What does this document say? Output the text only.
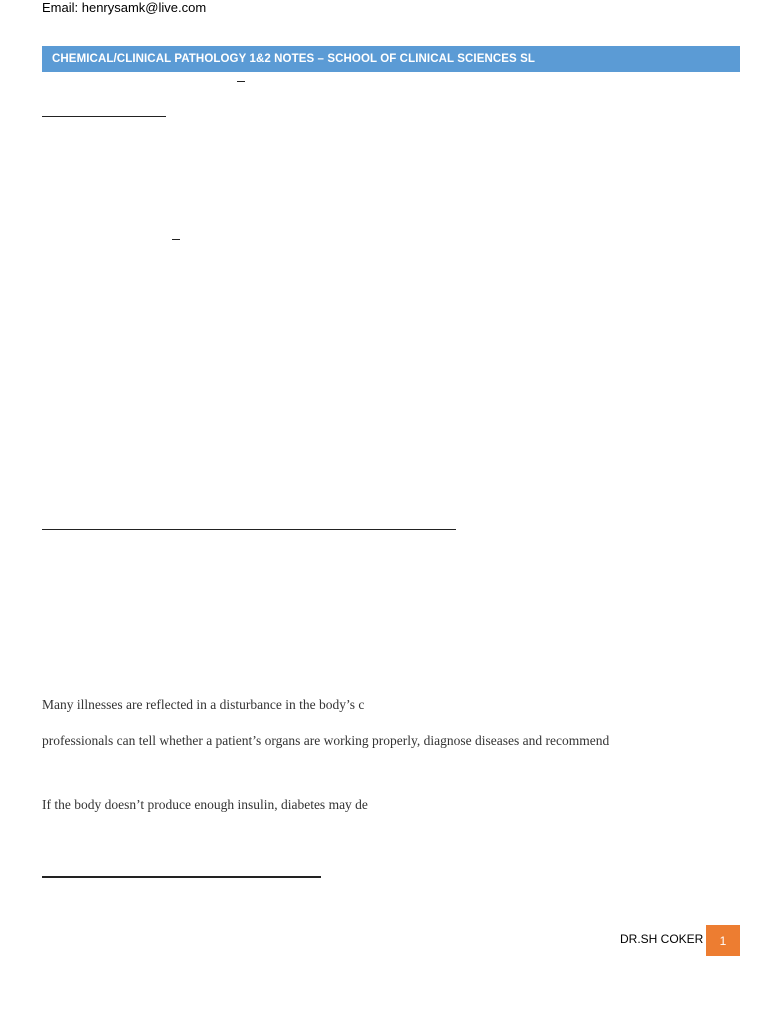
Email: henrysamk@live.com
CHEMICAL/CLINICAL PATHOLOGY 1&2 NOTES – SCHOOL OF CLINICAL SCIENCES SL
Many illnesses are reflected in a disturbance in the body’s c
professionals can tell whether a patient’s organs are working properly, diagnose diseases and recommend
If the body doesn’t produce enough insulin, diabetes may de
DR.SH COKER 1
